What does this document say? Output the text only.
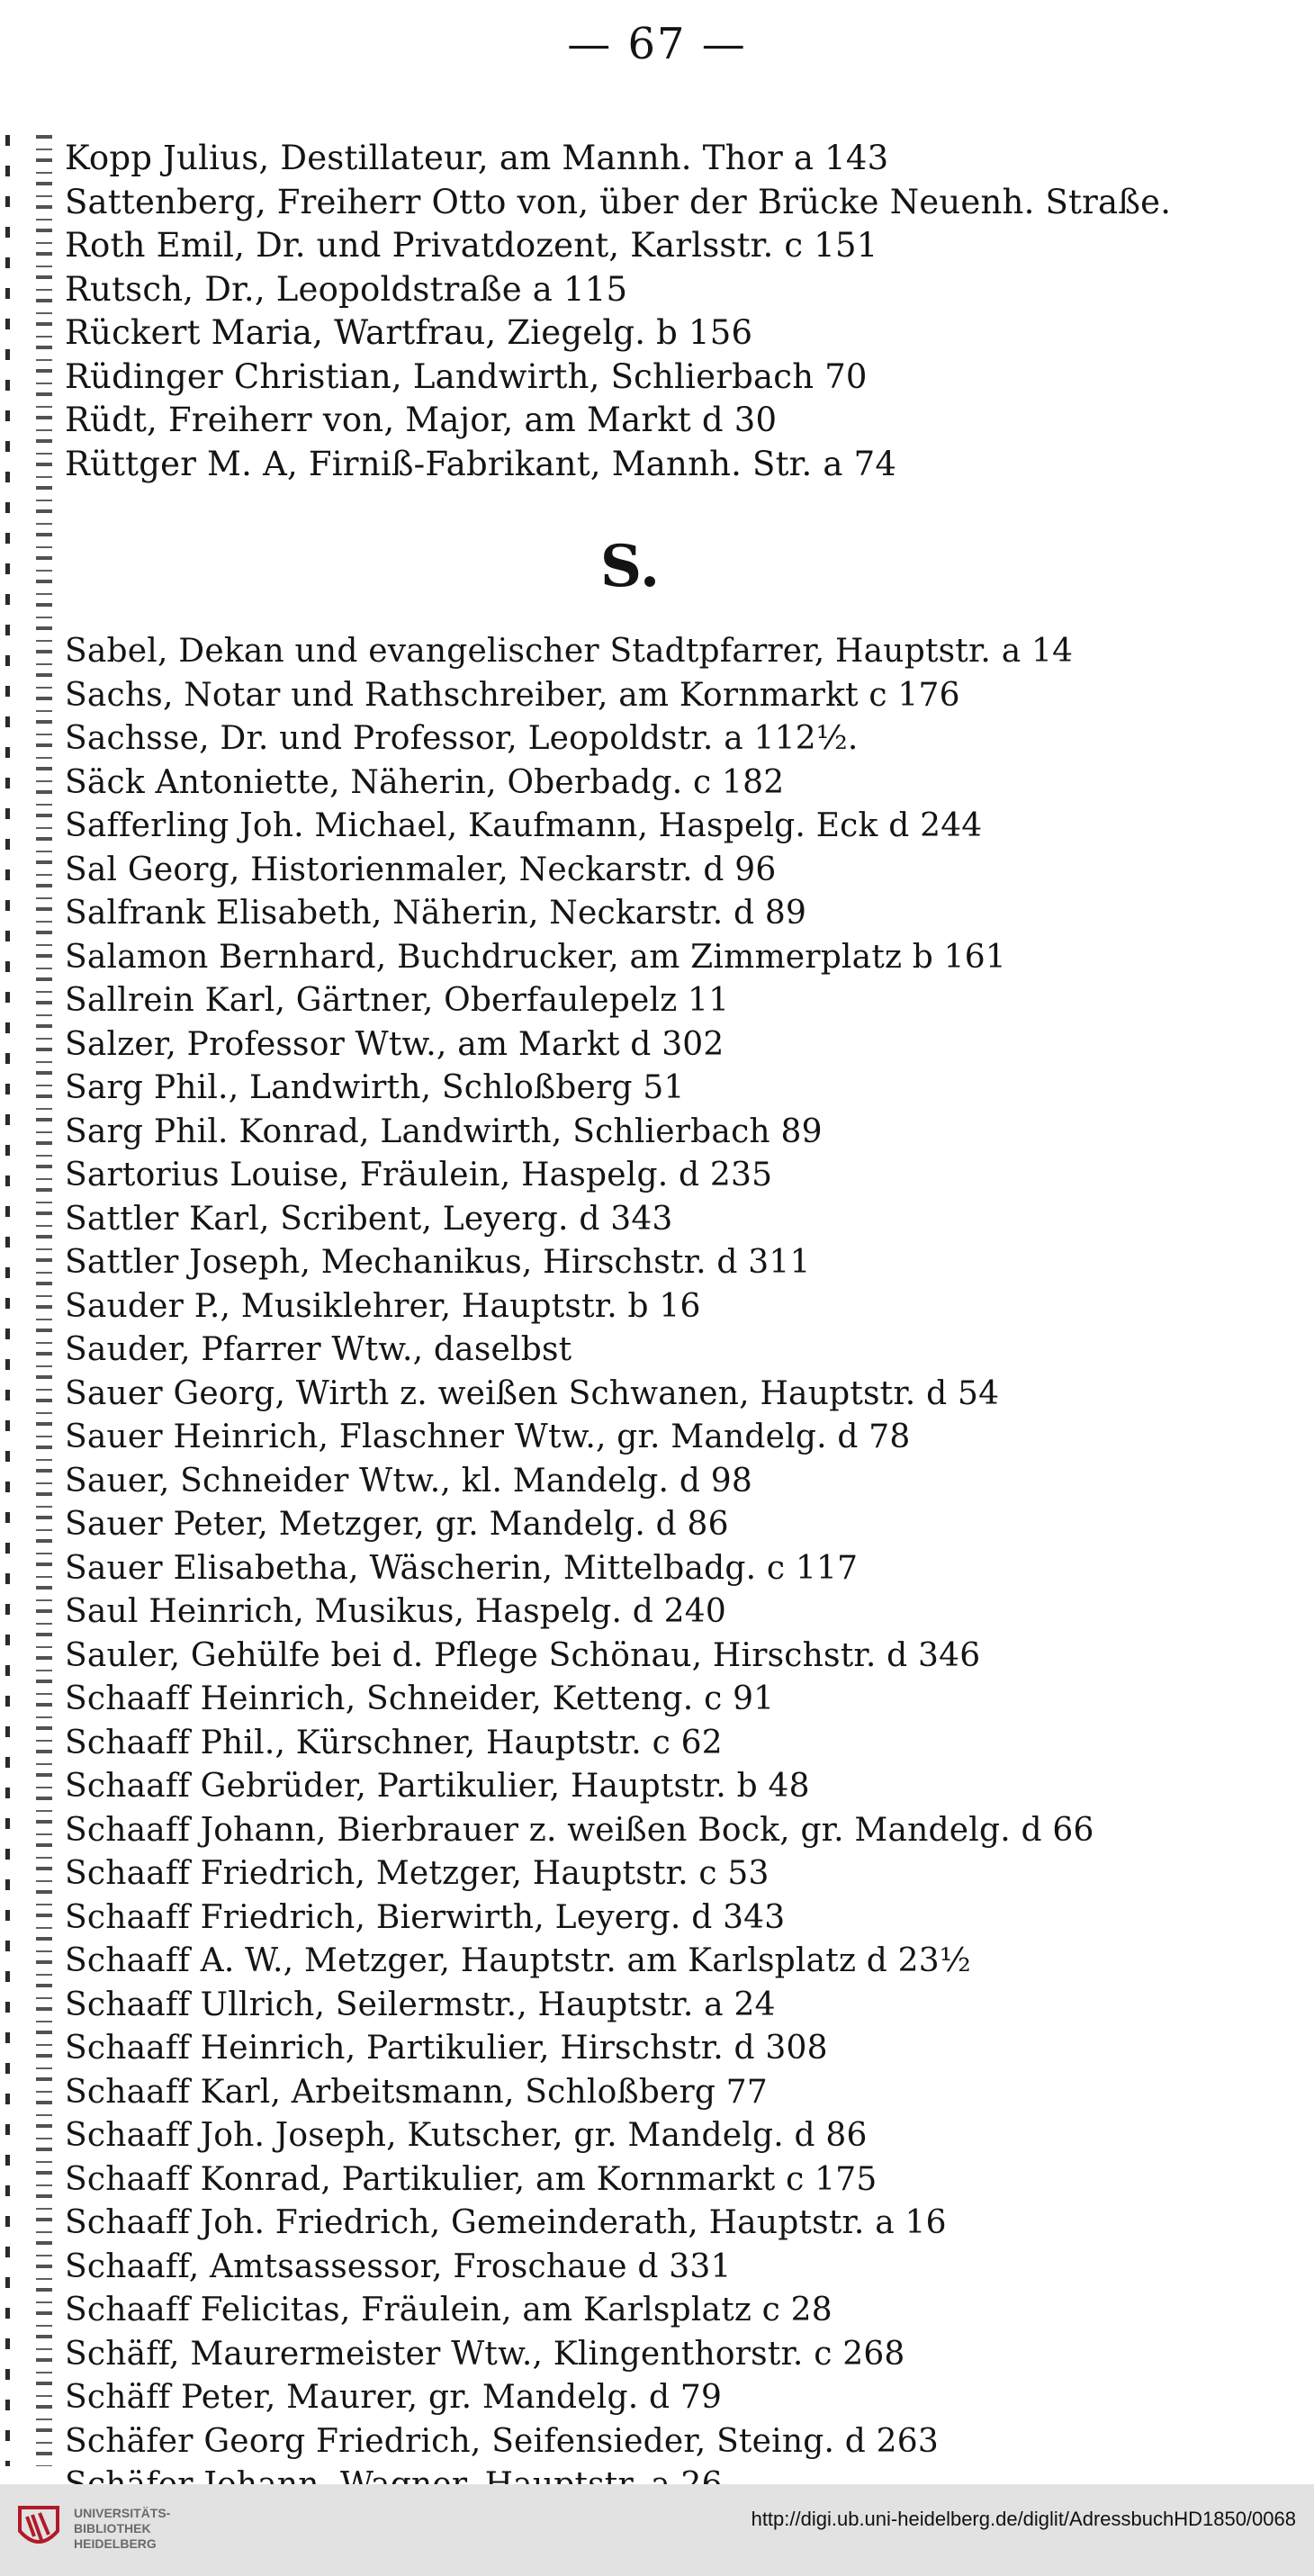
— 67 —
Kopp Julius, Destillateur, am Mannh. Thor a 143
Sattenberg, Freiherr Otto von, über der Brücke Neuenh. Straße.
Roth Emil, Dr. und Privatdozent, Karlsstr. c 151
Rutsch, Dr., Leopoldstraße a 115
Rückert Maria, Wartfrau, Ziegelg. b 156
Rüdinger Christian, Landwirth, Schlierbach 70
Rüdt, Freiherr von, Major, am Markt d 30
Rüttger M. A, Firniß-Fabrikant, Mannh. Str. a 74
S.
Sabel, Dekan und evangelischer Stadtpfarrer, Hauptstr. a 14
Sachs, Notar und Rathschreiber, am Kornmarkt c 176
Sachsse, Dr. und Professor, Leopoldstr. a 112½.
Säck Antoniette, Näherin, Oberbadg. c 182
Safferling Joh. Michael, Kaufmann, Haspelg. Eck d 244
Sal Georg, Historienmaler, Neckarstr. d 96
Salfrank Elisabeth, Näherin, Neckarstr. d 89
Salamon Bernhard, Buchdrucker, am Zimmerplatz b 161
Sallrein Karl, Gärtner, Oberfaulepelz 11
Salzer, Professor Wtw., am Markt d 302
Sarg Phil., Landwirth, Schloßberg 51
Sarg Phil. Konrad, Landwirth, Schlierbach 89
Sartorius Louise, Fräulein, Haspelg. d 235
Sattler Karl, Scribent, Leyerg. d 343
Sattler Joseph, Mechanikus, Hirschstr. d 311
Sauder P., Musiklehrer, Hauptstr. b 16
Sauder, Pfarrer Wtw., daselbst
Sauer Georg, Wirth z. weißen Schwanen, Hauptstr. d 54
Sauer Heinrich, Flaschner Wtw., gr. Mandelg. d 78
Sauer, Schneider Wtw., kl. Mandelg. d 98
Sauer Peter, Metzger, gr. Mandelg. d 86
Sauer Elisabetha, Wäscherin, Mittelbadg. c 117
Saul Heinrich, Musikus, Haspelg. d 240
Sauler, Gehülfe bei d. Pflege Schönau, Hirschstr. d 346
Schaaff Heinrich, Schneider, Ketteng. c 91
Schaaff Phil., Kürschner, Hauptstr. c 62
Schaaff Gebrüder, Partikulier, Hauptstr. b 48
Schaaff Johann, Bierbrauer z. weißen Bock, gr. Mandelg. d 66
Schaaff Friedrich, Metzger, Hauptstr. c 53
Schaaff Friedrich, Bierwirth, Leyerg. d 343
Schaaff A. W., Metzger, Hauptstr. am Karlsplatz d 23½
Schaaff Ullrich, Seilermstr., Hauptstr. a 24
Schaaff Heinrich, Partikulier, Hirschstr. d 308
Schaaff Karl, Arbeitsmann, Schloßberg 77
Schaaff Joh. Joseph, Kutscher, gr. Mandelg. d 86
Schaaff Konrad, Partikulier, am Kornmarkt c 175
Schaaff Joh. Friedrich, Gemeinderath, Hauptstr. a 16
Schaaff, Amtsassessor, Froschaue d 331
Schaaff Felicitas, Fräulein, am Karlsplatz c 28
Schäff, Maurermeister Wtw., Klingenthorstr. c 268
Schäff Peter, Maurer, gr. Mandelg. d 79
Schäfer Georg Friedrich, Seifensieder, Steing. d 263
UNIVERSITÄTS-
BIBLIOTHEK
HEIDELBERG
http://digi.ub.uni-heidelberg.de/diglit/AdressbuchHD1850/0068
